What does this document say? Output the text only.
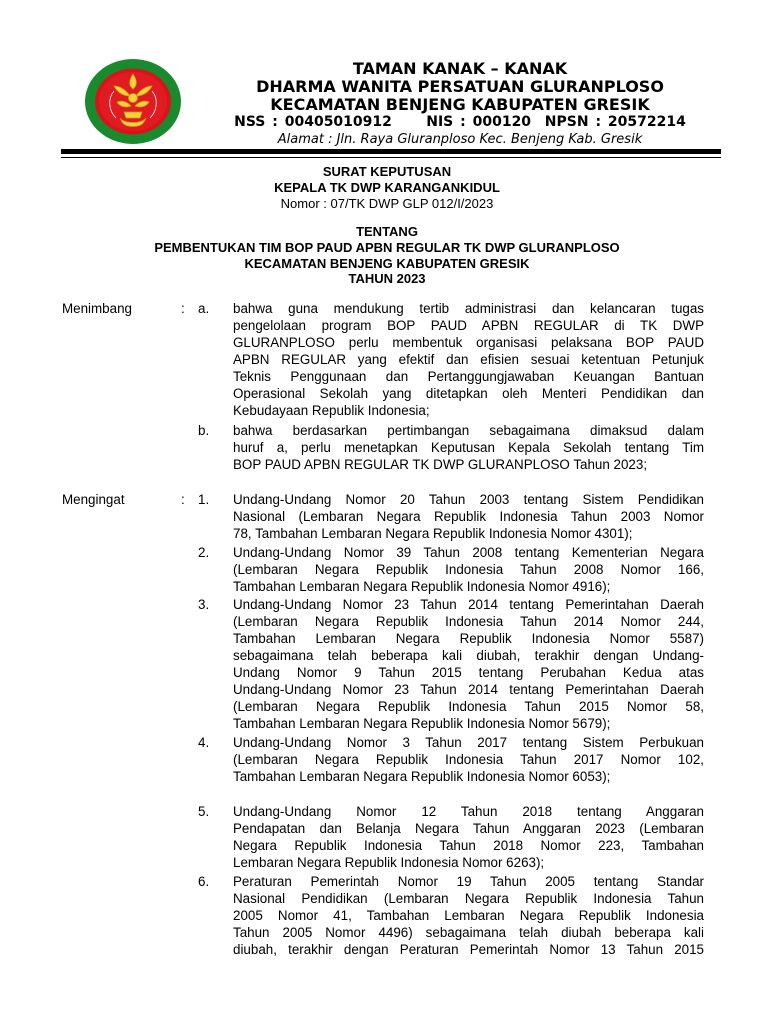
TAMAN KANAK – KANAK
DHARMA WANITA PERSATUAN GLURANPLOSO
KECAMATAN BENJENG KABUPATEN GRESIK
NSS : 00405010912     NIS : 000120  NPSN : 20572214
Alamat : Jln. Raya Gluranploso Kec. Benjeng Kab. Gresik
SURAT KEPUTUSAN
KEPALA TK DWP KARANGANKIDUL
Nomor : 07/TK DWP GLP 012/I/2023
TENTANG
PEMBENTUKAN TIM BOP PAUD APBN REGULAR TK DWP GLURANPLOSO
KECAMATAN BENJENG KABUPATEN GRESIK
TAHUN 2023
Menimbang	: a. bahwa guna mendukung tertib administrasi dan kelancaran tugas
pengelolaan program BOP PAUD APBN REGULAR di TK DWP
GLURANPLOSO perlu membentuk organisasi pelaksana BOP PAUD
APBN REGULAR yang efektif dan efisien sesuai ketentuan Petunjuk
Teknis Penggunaan dan Pertanggungjawaban Keuangan Bantuan
Operasional Sekolah yang ditetapkan oleh Menteri Pendidikan dan
Kebudayaan Republik Indonesia;
b. bahwa berdasarkan pertimbangan sebagaimana dimaksud dalam
huruf a, perlu menetapkan Keputusan Kepala Sekolah tentang Tim
BOP PAUD APBN REGULAR TK DWP GLURANPLOSO Tahun 2023;
Mengingat	: 1. Undang-Undang Nomor 20 Tahun 2003 tentang Sistem Pendidikan
Nasional (Lembaran Negara Republik Indonesia Tahun 2003 Nomor
78, Tambahan Lembaran Negara Republik Indonesia Nomor 4301);
2. Undang-Undang Nomor 39 Tahun 2008 tentang Kementerian Negara
(Lembaran Negara Republik Indonesia Tahun 2008 Nomor 166,
Tambahan Lembaran Negara Republik Indonesia Nomor 4916);
3. Undang-Undang Nomor 23 Tahun 2014 tentang Pemerintahan Daerah
(Lembaran Negara Republik Indonesia Tahun 2014 Nomor 244,
Tambahan Lembaran Negara Republik Indonesia Nomor 5587)
sebagaimana telah beberapa kali diubah, terakhir dengan Undang-
Undang Nomor 9 Tahun 2015 tentang Perubahan Kedua atas
Undang-Undang Nomor 23 Tahun 2014 tentang Pemerintahan Daerah
(Lembaran Negara Republik Indonesia Tahun 2015 Nomor 58,
Tambahan Lembaran Negara Republik Indonesia Nomor 5679);
4. Undang-Undang Nomor 3 Tahun 2017 tentang Sistem Perbukuan
(Lembaran Negara Republik Indonesia Tahun 2017 Nomor 102,
Tambahan Lembaran Negara Republik Indonesia Nomor 6053);
5. Undang-Undang Nomor 12 Tahun 2018 tentang Anggaran
Pendapatan dan Belanja Negara Tahun Anggaran 2023 (Lembaran
Negara Republik Indonesia Tahun 2018 Nomor 223, Tambahan
Lembaran Negara Republik Indonesia Nomor 6263);
6. Peraturan Pemerintah Nomor 19 Tahun 2005 tentang Standar
Nasional Pendidikan (Lembaran Negara Republik Indonesia Tahun
2005 Nomor 41, Tambahan Lembaran Negara Republik Indonesia
Tahun 2005 Nomor 4496) sebagaimana telah diubah beberapa kali
diubah, terakhir dengan Peraturan Pemerintah Nomor 13 Tahun 2015
